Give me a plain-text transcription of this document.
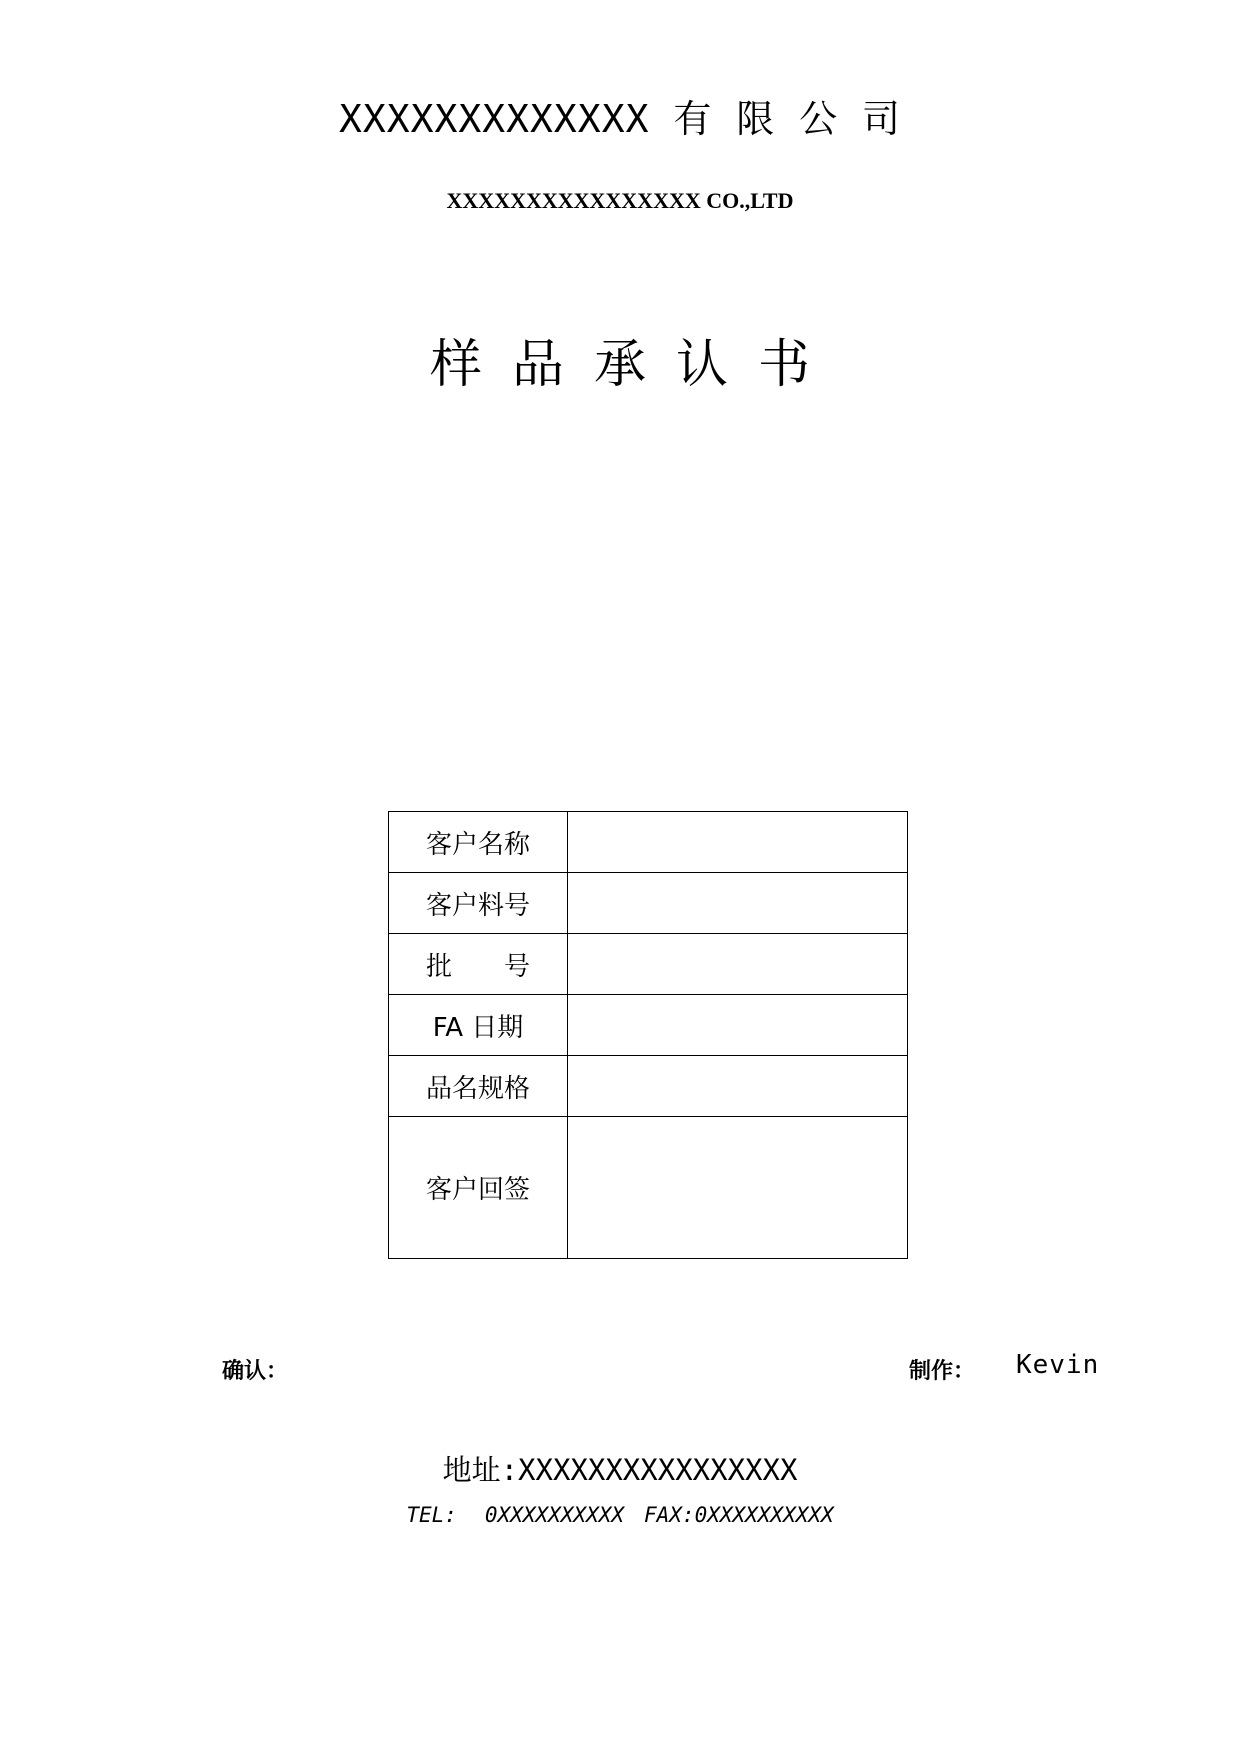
XXXXXXXXXXXXX 有 限 公 司
XXXXXXXXXXXXXXXX CO.,LTD
样品承认书
客户名称	
客户料号	
批　　号	
FA 日期	
品名规格	
客户回签	
确认：	制作： Kevin
地址:XXXXXXXXXXXXXXXX
TEL: 0XXXXXXXXXX FAX:0XXXXXXXXXX
